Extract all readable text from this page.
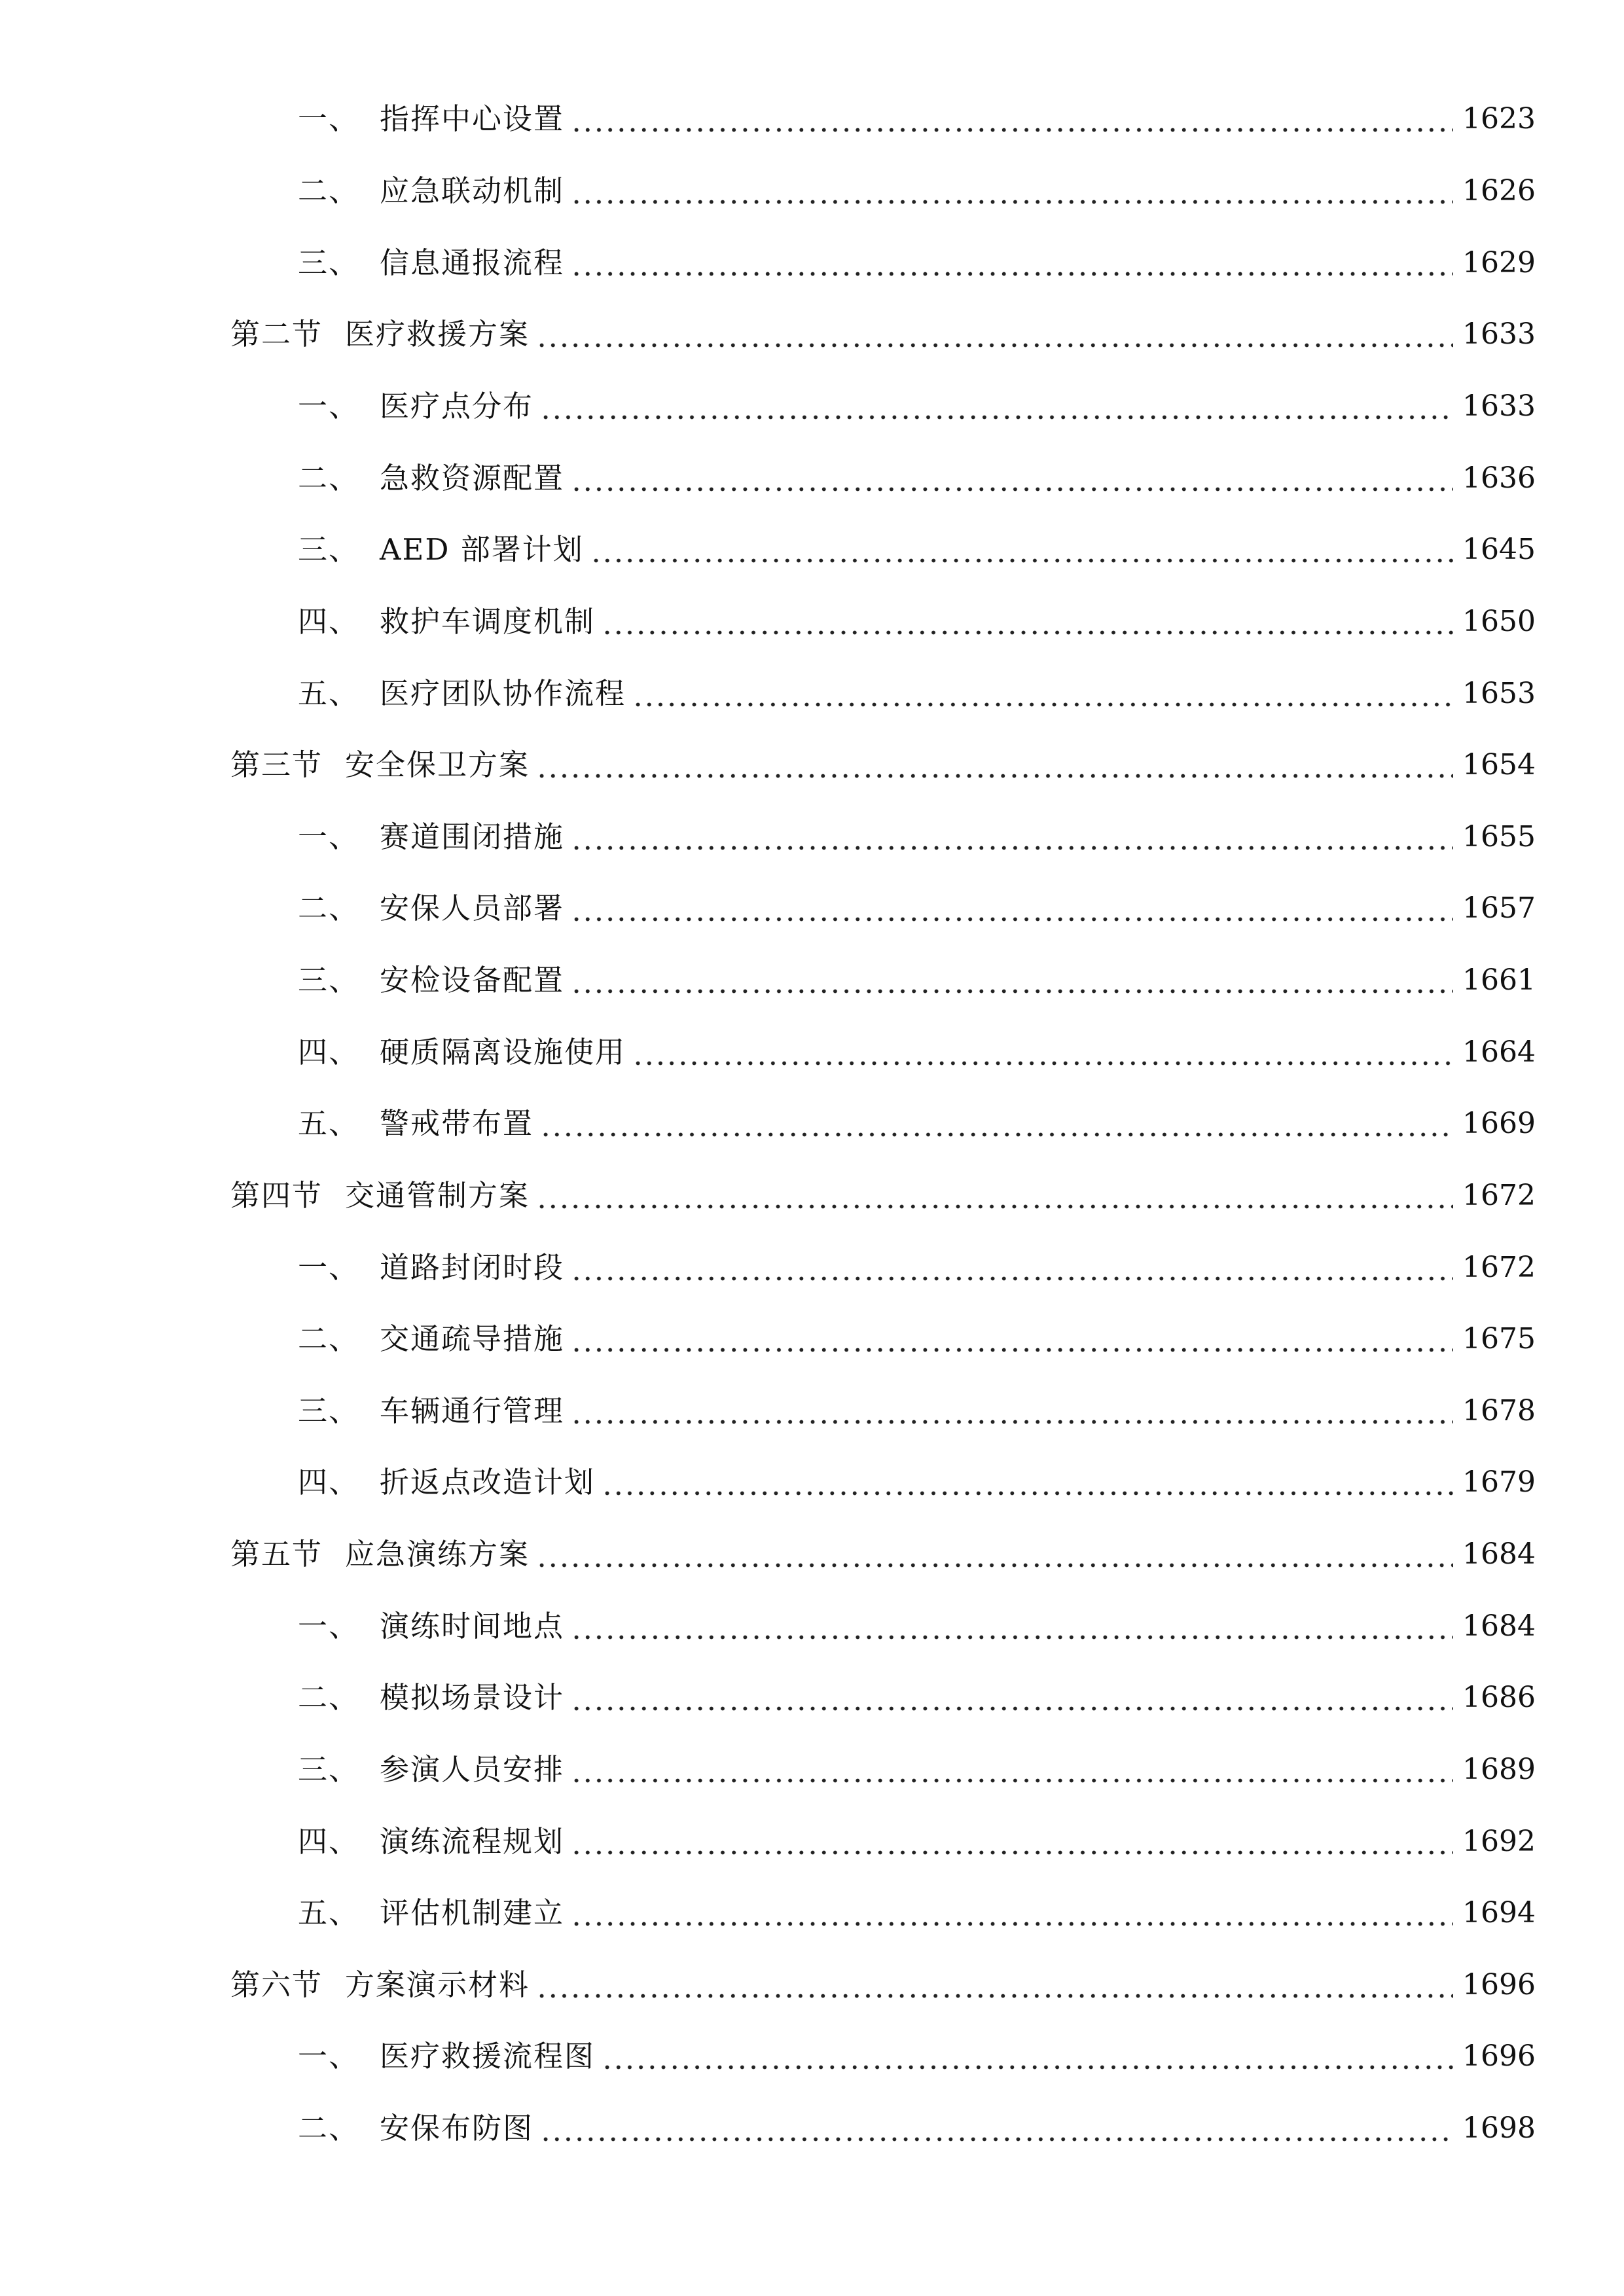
一、 指挥中心设置	1623
二、 应急联动机制	1626
三、 信息通报流程	1629
第二节 医疗救援方案	1633
一、 医疗点分布	1633
二、 急救资源配置	1636
三、 AED 部署计划	1645
四、 救护车调度机制	1650
五、 医疗团队协作流程	1653
第三节 安全保卫方案	1654
一、 赛道围闭措施	1655
二、 安保人员部署	1657
三、 安检设备配置	1661
四、 硬质隔离设施使用	1664
五、 警戒带布置	1669
第四节 交通管制方案	1672
一、 道路封闭时段	1672
二、 交通疏导措施	1675
三、 车辆通行管理	1678
四、 折返点改造计划	1679
第五节 应急演练方案	1684
一、 演练时间地点	1684
二、 模拟场景设计	1686
三、 参演人员安排	1689
四、 演练流程规划	1692
五、 评估机制建立	1694
第六节 方案演示材料	1696
一、 医疗救援流程图	1696
二、 安保布防图	1698
